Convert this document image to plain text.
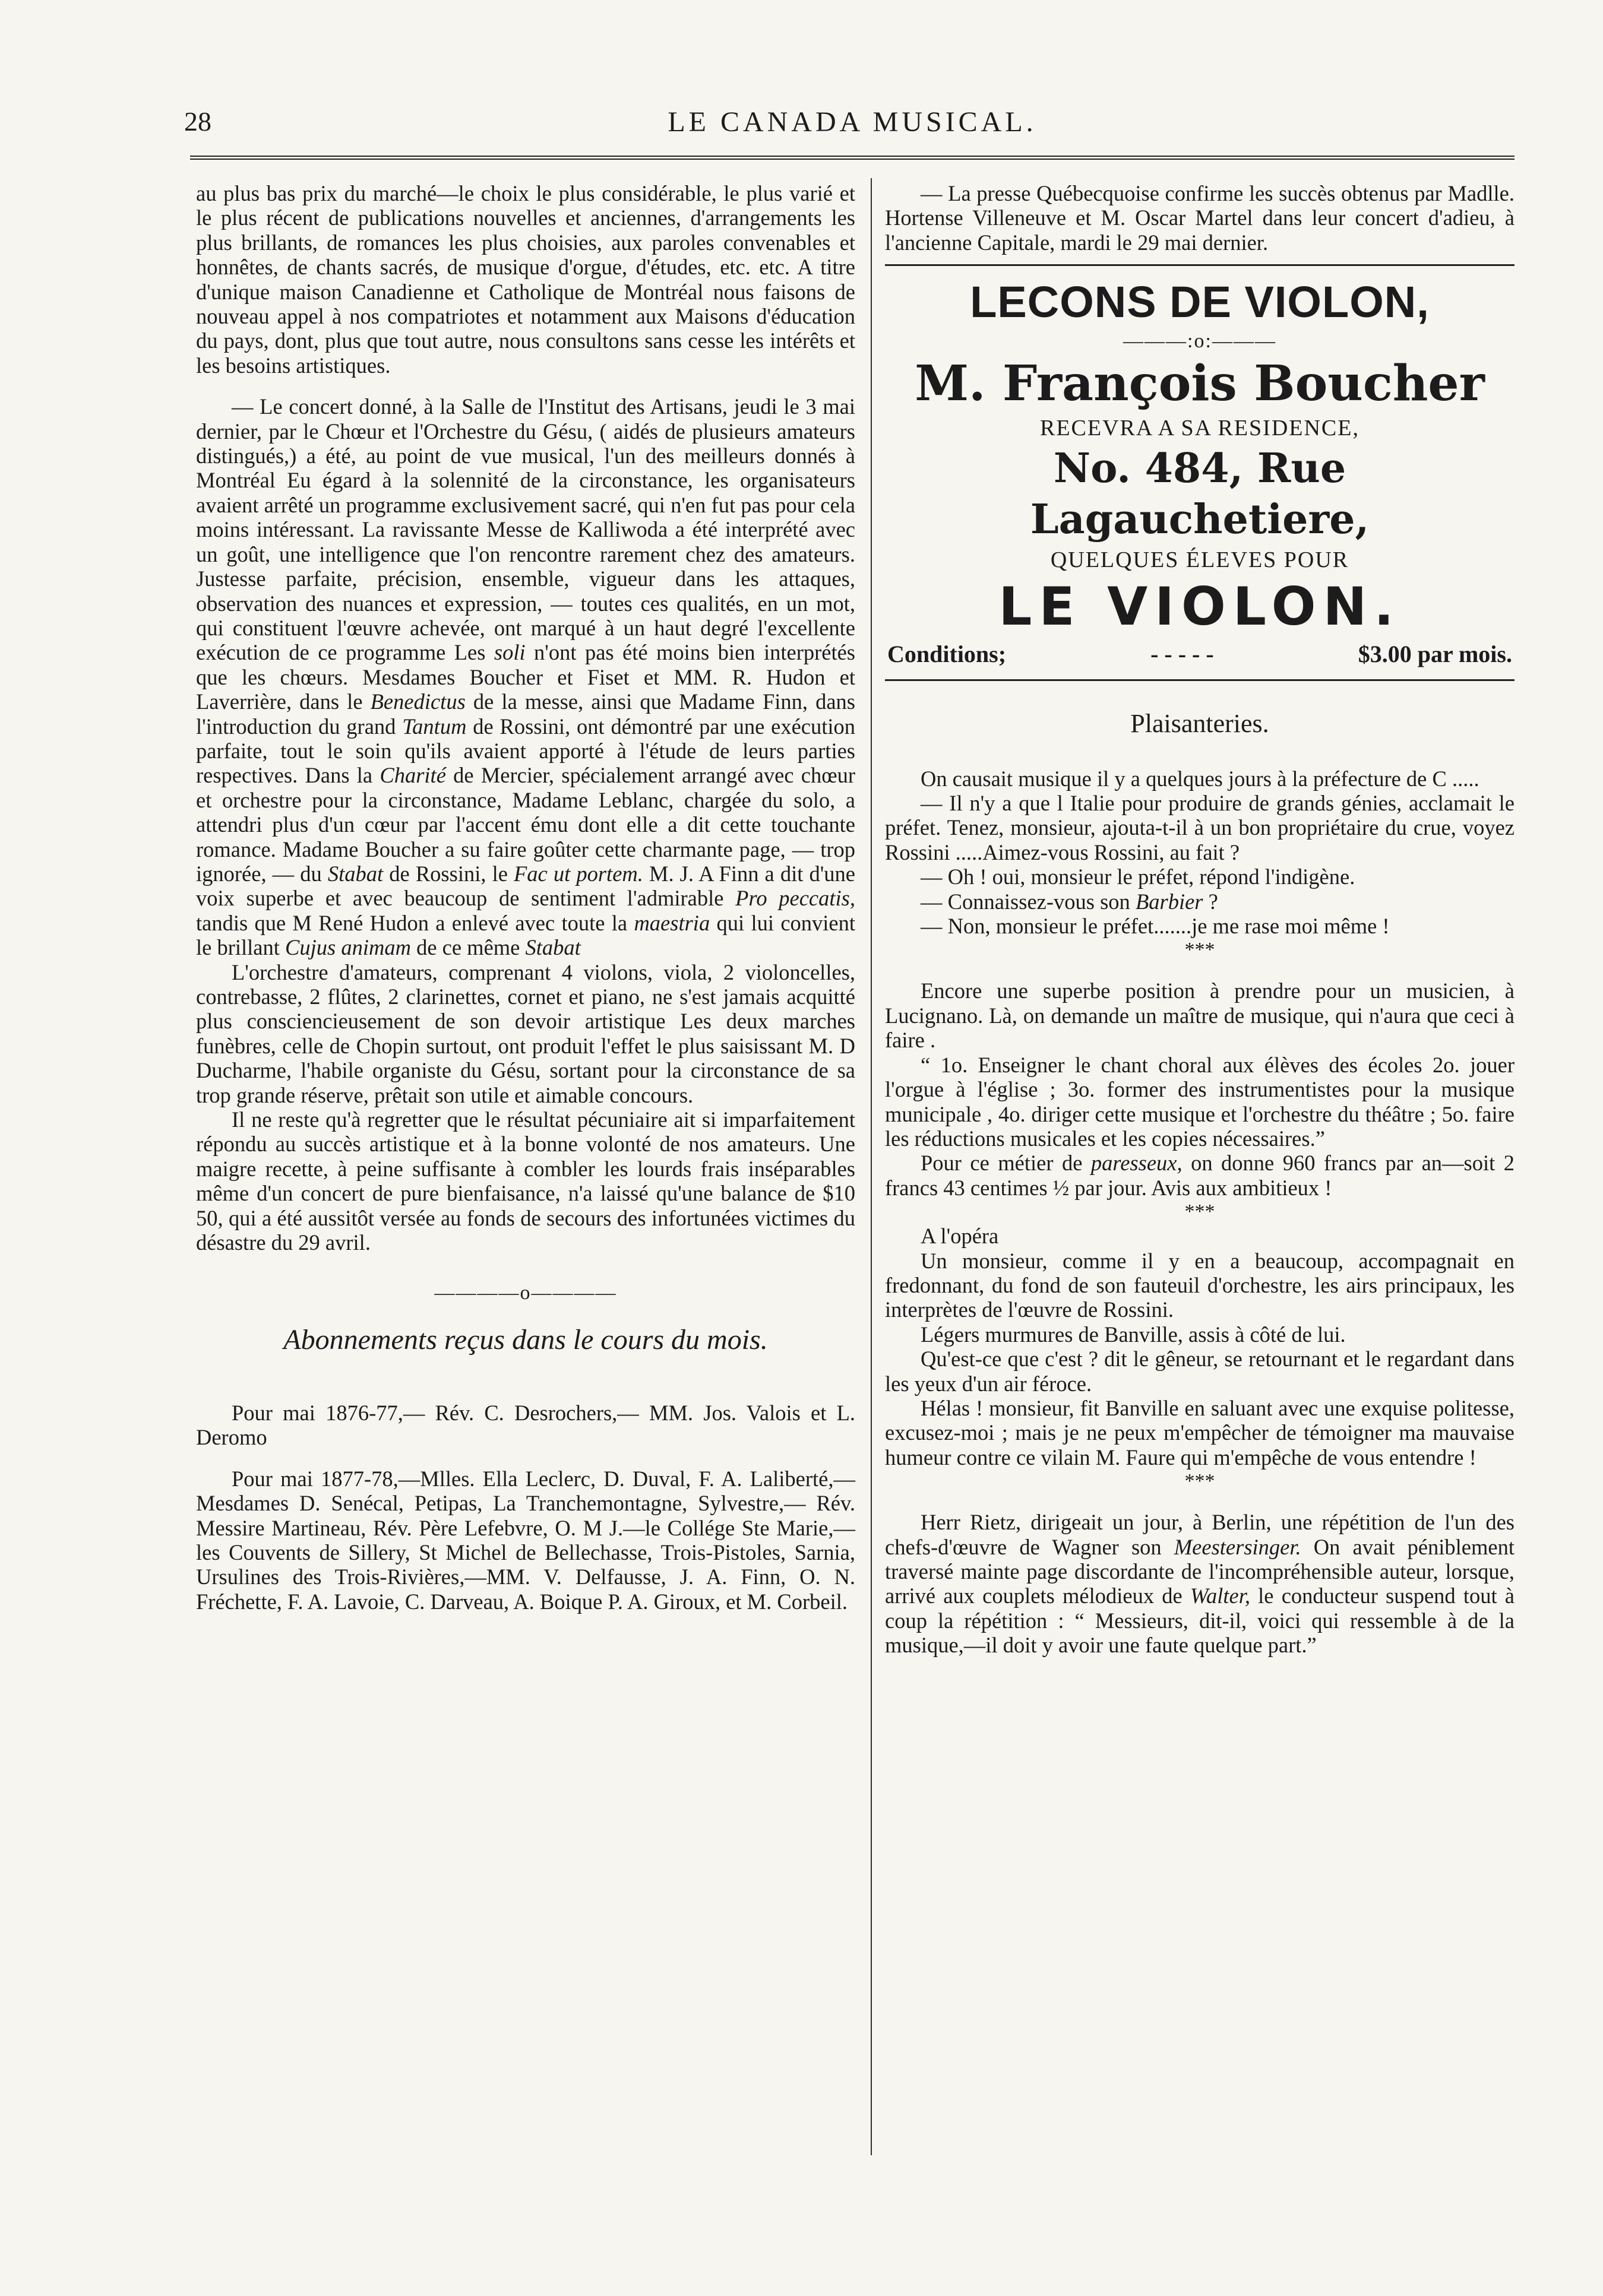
28	LE CANADA MUSICAL.

au plus bas prix du marché—le choix le plus considérable, le plus varié et le plus récent de publications nouvelles et anciennes, d'arrangements les plus brillants, de romances les plus choisies, aux paroles convenables et honnêtes, de chants sacrés, de musique d'orgue, d'études, etc. etc. A titre d'unique maison Canadienne et Catholique de Montréal nous faisons de nouveau appel à nos compatriotes et notamment aux Maisons d'éducation du pays, dont, plus que tout autre, nous consultons sans cesse les intérêts et les besoins artistiques.

— Le concert donné, à la Salle de l'Institut des Artisans, jeudi le 3 mai dernier, par le Chœur et l'Orchestre du Gésu, ( aidés de plusieurs amateurs distingués,) a été, au point de vue musical, l'un des meilleurs donnés à Montréal Eu égard à la solennité de la circonstance, les organisateurs avaient arrêté un programme exclusivement sacré, qui n'en fut pas pour cela moins intéressant. La ravissante Messe de Kalliwoda a été interprété avec un goût, une intelligence que l'on rencontre rarement chez des amateurs. Justesse parfaite, précision, ensemble, vigueur dans les attaques, observation des nuances et expression, — toutes ces qualités, en un mot, qui constituent l'œuvre achevée, ont marqué à un haut degré l'excellente exécution de ce programme Les soli n'ont pas été moins bien interprétés que les chœurs. Mesdames Boucher et Fiset et MM. R. Hudon et Laverrière, dans le Benedictus de la messe, ainsi que Madame Finn, dans l'introduction du grand Tantum de Rossini, ont démontré par une exécution parfaite, tout le soin qu'ils avaient apporté à l'étude de leurs parties respectives. Dans la Charité de Mercier, spécialement arrangé avec chœur et orchestre pour la circonstance, Madame Leblanc, chargée du solo, a attendri plus d'un cœur par l'accent ému dont elle a dit cette touchante romance. Madame Boucher a su faire goûter cette charmante page, — trop ignorée, — du Stabat de Rossini, le Fac ut portem. M. J. A Finn a dit d'une voix superbe et avec beaucoup de sentiment l'admirable Pro peccatis, tandis que M René Hudon a enlevé avec toute la maestria qui lui convient le brillant Cujus animam de ce même Stabat

L'orchestre d'amateurs, comprenant 4 violons, viola, 2 violoncelles, contrebasse, 2 flûtes, 2 clarinettes, cornet et piano, ne s'est jamais acquitté plus consciencieusement de son devoir artistique Les deux marches funèbres, celle de Chopin surtout, ont produit l'effet le plus saisissant M. D Ducharme, l'habile organiste du Gésu, sortant pour la circonstance de sa trop grande réserve, prêtait son utile et aimable concours.

Il ne reste qu'à regretter que le résultat pécuniaire ait si imparfaitement répondu au succès artistique et à la bonne volonté de nos amateurs. Une maigre recette, à peine suffisante à combler les lourds frais inséparables même d'un concert de pure bienfaisance, n'a laissé qu'une balance de $10 50, qui a été aussitôt versée au fonds de secours des infortunées victimes du désastre du 29 avril.

————o————
Abonnements reçus dans le cours du mois.

Pour mai 1876-77,— Rév. C. Desrochers,— MM. Jos. Valois et L. Deromo

Pour mai 1877-78,—Mlles. Ella Leclerc, D. Duval, F. A. Laliberté,—Mesdames D. Senécal, Petipas, La Tranchemontagne, Sylvestre,— Rév. Messire Martineau, Rév. Père Lefebvre, O. M J.—le Collége Ste Marie,— les Couvents de Sillery, St Michel de Bellechasse, Trois-Pistoles, Sarnia, Ursulines des Trois-Rivières,—MM. V. Delfausse, J. A. Finn, O. N. Fréchette, F. A. Lavoie, C. Darveau, A. Boique P. A. Giroux, et M. Corbeil.

— La presse Québecquoise confirme les succès obtenus par Madlle. Hortense Villeneuve et M. Oscar Martel dans leur concert d'adieu, à l'ancienne Capitale, mardi le 29 mai dernier.

LECONS DE VIOLON,
———:o:———
M. François Boucher
RECEVRA A SA RESIDENCE,
No. 484, Rue Lagauchetiere,
QUELQUES ÉLEVES POUR
LE VIOLON.
Conditions;	- - - - -	$3.00 par mois.
Plaisanteries.

On causait musique il y a quelques jours à la préfecture de C .....

— Il n'y a que l Italie pour produire de grands génies, acclamait le préfet. Tenez, monsieur, ajouta-t-il à un bon propriétaire du crue, voyez Rossini .....Aimez-vous Rossini, au fait ?

— Oh ! oui, monsieur le préfet, répond l'indigène.

— Connaissez-vous son Barbier ?

— Non, monsieur le préfet.......je me rase moi même !

***

Encore une superbe position à prendre pour un musicien, à Lucignano. Là, on demande un maître de musique, qui n'aura que ceci à faire .

“ 1o. Enseigner le chant choral aux élèves des écoles 2o. jouer l'orgue à l'église ; 3o. former des instrumentistes pour la musique municipale , 4o. diriger cette musique et l'orchestre du théâtre ; 5o. faire les réductions musicales et les copies nécessaires.”

Pour ce métier de paresseux, on donne 960 francs par an—soit 2 francs 43 centimes ½ par jour. Avis aux ambitieux !

***

A l'opéra

Un monsieur, comme il y en a beaucoup, accompagnait en fredonnant, du fond de son fauteuil d'orchestre, les airs principaux, les interprètes de l'œuvre de Rossini.

Légers murmures de Banville, assis à côté de lui.

Qu'est-ce que c'est ? dit le gêneur, se retournant et le regardant dans les yeux d'un air féroce.

Hélas ! monsieur, fit Banville en saluant avec une exquise politesse, excusez-moi ; mais je ne peux m'empêcher de témoigner ma mauvaise humeur contre ce vilain M. Faure qui m'empêche de vous entendre !

***

Herr Rietz, dirigeait un jour, à Berlin, une répétition de l'un des chefs-d'œuvre de Wagner son Meestersinger. On avait péniblement traversé mainte page discordante de l'incompréhensible auteur, lorsque, arrivé aux couplets mélodieux de Walter, le conducteur suspend tout à coup la répétition : “ Messieurs, dit-il, voici qui ressemble à de la musique,—il doit y avoir une faute quelque part.”
